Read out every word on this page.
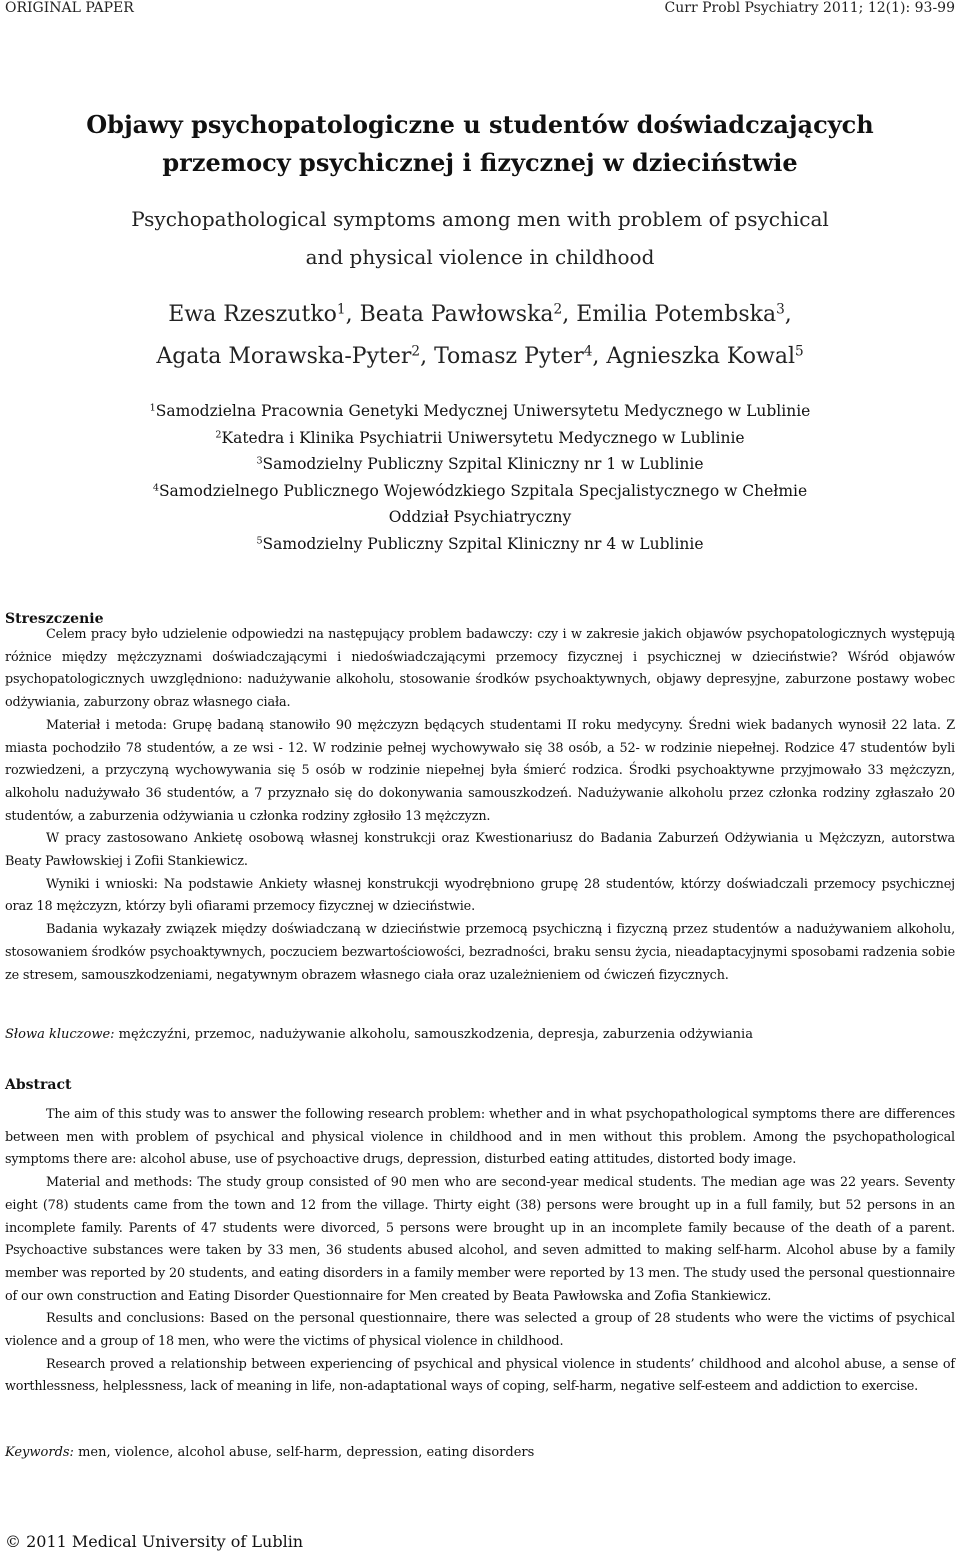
ORIGINAL PAPER	Curr Probl Psychiatry 2011; 12(1): 93-99
Objawy psychopatologiczne u studentów doświadczających
przemocy psychicznej i fizycznej w dzieciństwie
Psychopathological symptoms among men with problem of psychical
and physical violence in childhood
Ewa Rzeszutko$^1$, Beata Pawłowska$^2$, Emilia Potembska$^3$,
Agata Morawska-Pyter$^2$, Tomasz Pyter$^4$, Agnieszka Kowal$^5$
$^1$Samodzielna Pracownia Genetyki Medycznej Uniwersytetu Medycznego w Lublinie
$^2$Katedra i Klinika Psychiatrii Uniwersytetu Medycznego w Lublinie
$^3$Samodzielny Publiczny Szpital Kliniczny nr 1 w Lublinie
$^4$Samodzielnego Publicznego Wojewódzkiego Szpitala Specjalistycznego w Chełmie
Oddział Psychiatryczny
$^5$Samodzielny Publiczny Szpital Kliniczny nr 4 w Lublinie
Streszczenie

Celem pracy było udzielenie odpowiedzi na następujący problem badawczy: czy i w zakresie jakich objawów psychopatologicznych występują różnice między mężczyznami doświadczającymi i niedoświadczającymi przemocy fizycznej i psychicznej w dzieciństwie? Wśród objawów psychopatologicznych uwzględniono: nadużywanie alkoholu, stosowanie środków psychoaktywnych, objawy depresyjne, zaburzone postawy wobec odżywiania, zaburzony obraz własnego ciała.

Materiał i metoda: Grupę badaną stanowiło 90 mężczyzn będących studentami II roku medycyny. Średni wiek badanych wynosił 22 lata. Z miasta pochodziło 78 studentów, a ze wsi - 12. W rodzinie pełnej wychowywało się 38 osób, a 52- w rodzinie niepełnej. Rodzice 47 studentów byli rozwiedzeni, a przyczyną wychowywania się 5 osób w rodzinie niepełnej była śmierć rodzica. Środki psychoaktywne przyjmowało 33 mężczyzn, alkoholu nadużywało 36 studentów, a 7 przyznało się do dokonywania samouszkodzeń. Nadużywanie alkoholu przez członka rodziny zgłaszało 20 studentów, a zaburzenia odżywiania u członka rodziny zgłosiło 13 mężczyzn.

W pracy zastosowano Ankietę osobową własnej konstrukcji oraz Kwestionariusz do Badania Zaburzeń Odżywiania u Mężczyzn, autorstwa Beaty Pawłowskiej i Zofii Stankiewicz.

Wyniki i wnioski: Na podstawie Ankiety własnej konstrukcji wyodrębniono grupę 28 studentów, którzy doświadczali przemocy psychicznej oraz 18 mężczyzn, którzy byli ofiarami przemocy fizycznej w dzieciństwie.

Badania wykazały związek między doświadczaną w dzieciństwie przemocą psychiczną i fizyczną przez studentów a nadużywaniem alkoholu, stosowaniem środków psychoaktywnych, poczuciem bezwartościowości, bezradności, braku sensu życia, nieadaptacyjnymi sposobami radzenia sobie ze stresem, samouszkodzeniami, negatywnym obrazem własnego ciała oraz uzależnieniem od ćwiczeń fizycznych.

Słowa kluczowe: mężczyźni, przemoc, nadużywanie alkoholu, samouszkodzenia, depresja, zaburzenia odżywiania
Abstract

The aim of this study was to answer the following research problem: whether and in what psychopathological symptoms there are differences between men with problem of psychical and physical violence in childhood and in men without this problem. Among the psychopathological symptoms there are: alcohol abuse, use of psychoactive drugs, depression, disturbed eating attitudes, distorted body image.

Material and methods: The study group consisted of 90 men who are second-year medical students. The median age was 22 years. Seventy eight (78) students came from the town and 12 from the village. Thirty eight (38) persons were brought up in a full family, but 52 persons in an incomplete family. Parents of 47 students were divorced, 5 persons were brought up in an incomplete family because of the death of a parent. Psychoactive substances were taken by 33 men, 36 students abused alcohol, and seven admitted to making self-harm. Alcohol abuse by a family member was reported by 20 students, and eating disorders in a family member were reported by 13 men. The study used the personal questionnaire of our own construction and Eating Disorder Questionnaire for Men created by Beata Pawłowska and Zofia Stankiewicz.

Results and conclusions: Based on the personal questionnaire, there was selected a group of 28 students who were the victims of psychical violence and a group of 18 men, who were the victims of physical violence in childhood.

Research proved a relationship between experiencing of psychical and physical violence in students’ childhood and alcohol abuse, a sense of worthlessness, helplessness, lack of meaning in life, non-adaptational ways of coping, self-harm, negative self-esteem and addiction to exercise.

Keywords: men, violence, alcohol abuse, self-harm, depression, eating disorders
© 2011 Medical University of Lublin
